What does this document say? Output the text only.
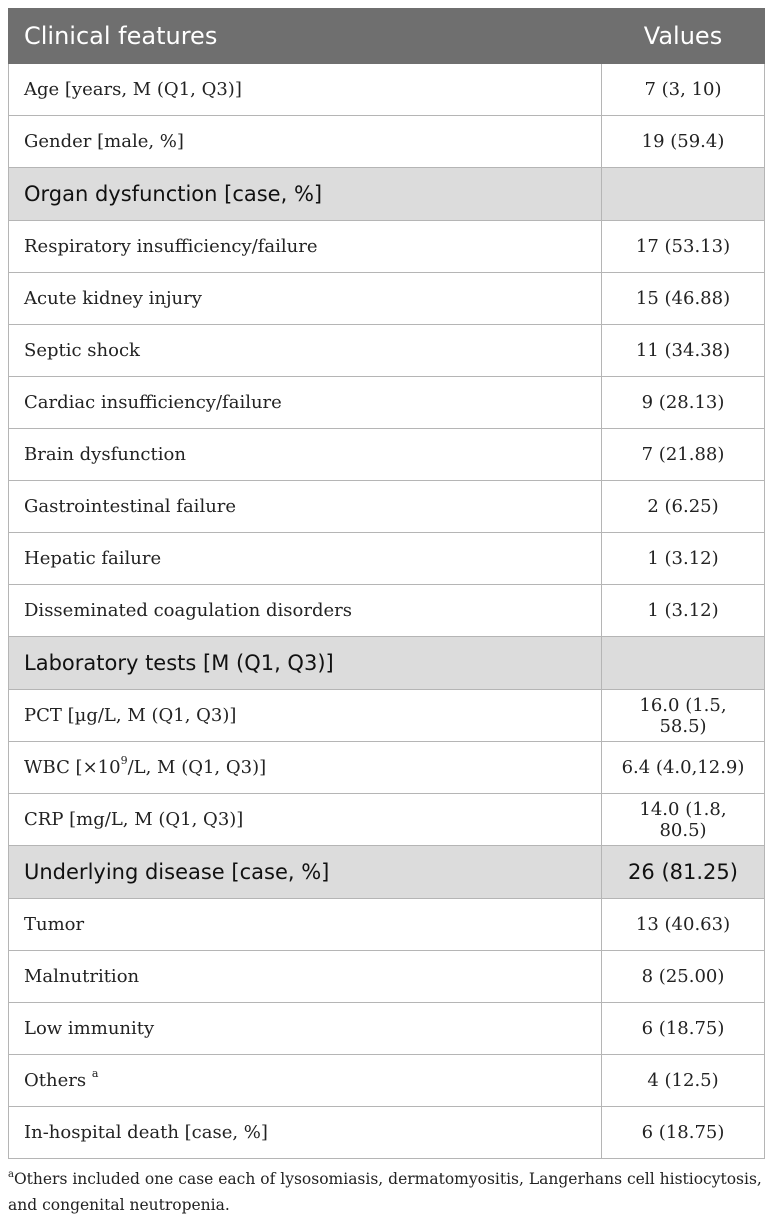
Clinical features	Values
Age [years, M (Q1, Q3)]	7 (3, 10)
Gender [male, %]	19 (59.4)
Organ dysfunction [case, %]	
Respiratory insufficiency/failure	17 (53.13)
Acute kidney injury	15 (46.88)
Septic shock	11 (34.38)
Cardiac insufficiency/failure	9 (28.13)
Brain dysfunction	7 (21.88)
Gastrointestinal failure	2 (6.25)
Hepatic failure	1 (3.12)
Disseminated coagulation disorders	1 (3.12)
Laboratory tests [M (Q1, Q3)]	
PCT [µg/L, M (Q1, Q3)]	16.0 (1.5, 58.5)
WBC [$\times 10^9/L$, M (Q1, Q3)]	6.4 (4.0,12.9)
CRP [mg/L, M (Q1, Q3)]	14.0 (1.8, 80.5)
Underlying disease [case, %]	26 (81.25)
Tumor	13 (40.63)
Malnutrition	8 (25.00)
Low immunity	6 (18.75)
Others $^a$	4 (12.5)
In-hospital death [case, %]	6 (18.75)
$^a$Others included one case each of lysosomiasis, dermatomyositis, Langerhans cell histiocytosis, and congenital neutropenia.
